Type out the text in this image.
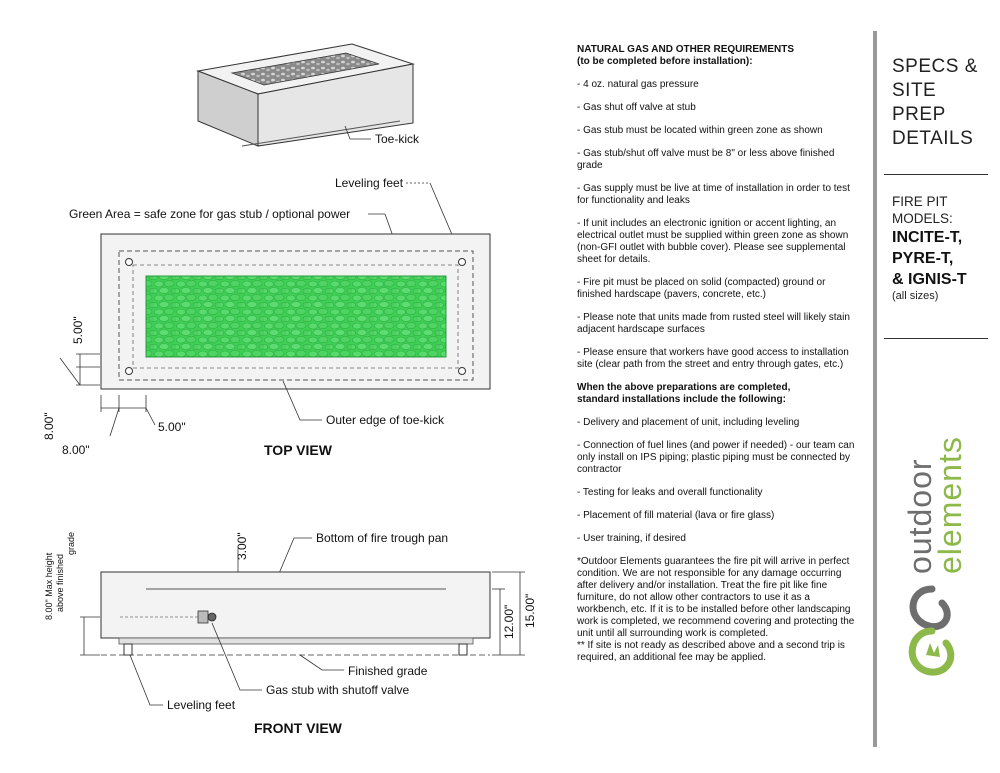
Toe-kick
Leveling feet
Green Area = safe zone for gas stub / optional power
5.00"
8.00"
8.00"
5.00"	Outer edge of toe-kick
TOP VIEW
Bottom of fire trough pan
3.00"
8.00" Max height above finished
grade
12.00" 15.00"
Finished grade
Gas stub with shutoff valve
Leveling feet
FRONT VIEW

NATURAL GAS AND OTHER REQUIREMENTS
(to be completed before installation):

- 4 oz. natural gas pressure

- Gas shut off valve at stub

- Gas stub must be located within green zone as shown

- Gas stub/shut off valve must be 8" or less above finished grade

- Gas supply must be live at time of installation in order to test for functionality and leaks

- If unit includes an electronic ignition or accent lighting, an electrical outlet must be supplied within green zone as shown (non-GFI outlet with bubble cover). Please see supplemental sheet for details.

- Fire pit must be placed on solid (compacted) ground or finished hardscape (pavers, concrete, etc.)

- Please note that units made from rusted steel will likely stain adjacent hardscape surfaces

- Please ensure that workers have good access to installation site (clear path from the street and entry through gates, etc.)

When the above preparations are completed,
standard installations include the following:

- Delivery and placement of unit, including leveling

- Connection of fuel lines (and power if needed) - our team can only install on IPS piping; plastic piping must be connected by contractor

- Testing for leaks and overall functionality

- Placement of fill material (lava or fire glass)

- User training, if desired

*Outdoor Elements guarantees the fire pit will arrive in perfect condition. We are not responsible for any damage occurring after delivery and/or installation. Treat the fire pit like fine furniture, do not allow other contractors to use it as a workbench, etc. If it is to be installed before other landscaping work is completed, we recommend covering and protecting the unit until all surrounding work is completed.

** If site is not ready as described above and a second trip is required, an additional fee may be applied.

SPECS &
SITE
PREP
DETAILS
FIRE PIT
MODELS:
INCITE-T,
PYRE-T,
& IGNIS-T
(all sizes)
outdoor
elements
